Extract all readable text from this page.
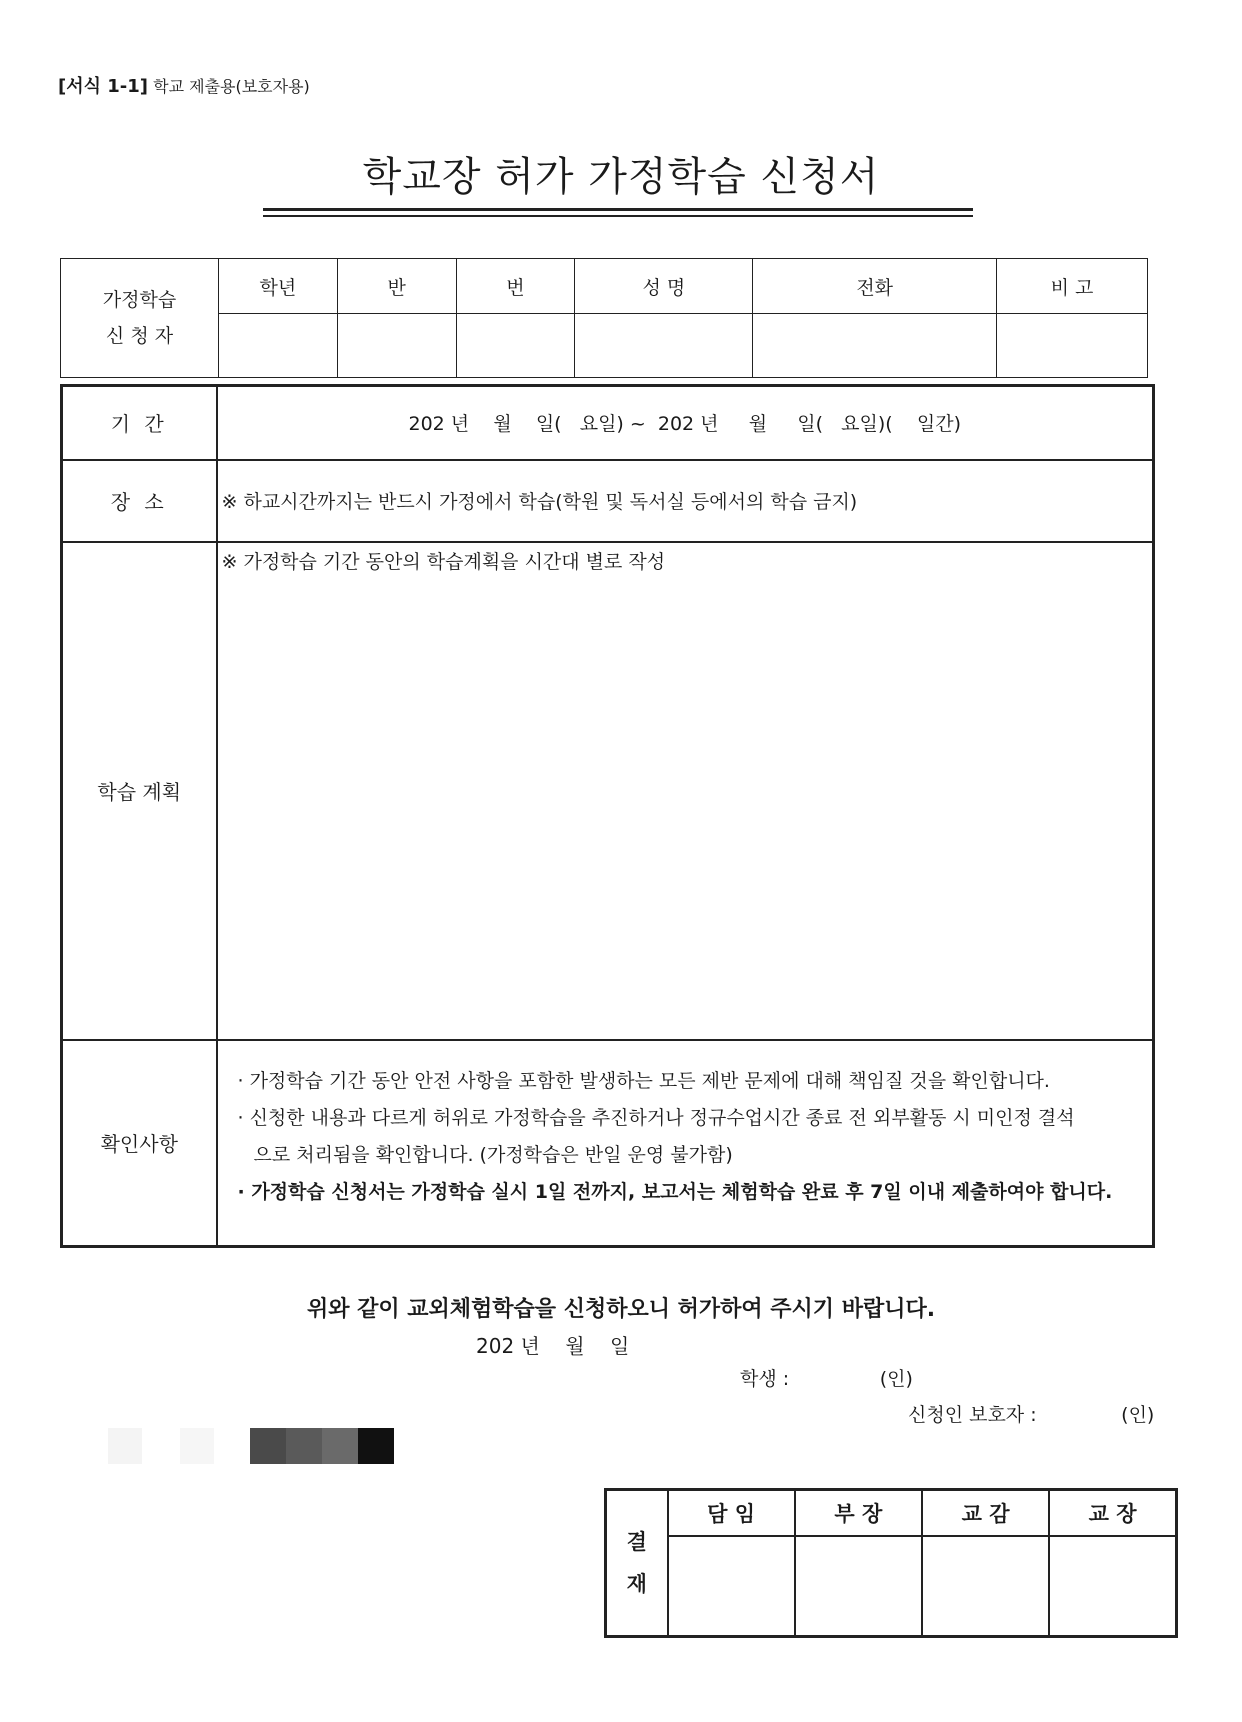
[서식 1-1] 학교 제출용(보호자용)
학교장 허가 가정학습 신청서
가정학습
신 청 자	학년	반	번	성 명	전화	비 고

기 간	202 년    월    일(   요일) ~  202 년     월     일(   요일)(    일간)
장 소	※ 하교시간까지는 반드시 가정에서 학습(학원 및 독서실 등에서의 학습 금지)
학습 계획	※ 가정학습 기간 동안의 학습계획을 시간대 별로 작성

확인사항	· 가정학습 기간 동안 안전 사항을 포함한 발생하는 모든 제반 문제에 대해 책임질 것을 확인합니다.

· 신청한 내용과 다르게 허위로 가정학습을 추진하거나 정규수업시간 종료 전 외부활동 시 미인정 결석

으로 처리됨을 확인합니다. (가정학습은 반일 운영 불가함)

· 가정학습 신청서는 가정학습 실시 1일 전까지, 보고서는 체험학습 완료 후 7일 이내 제출하여야 합니다.

위와 같이 교외체험학습을 신청하오니 허가하여 주시기 바랍니다.
202 년    월    일
학생 :               (인)
신청인 보호자 :              (인)
결
재	담 임	부 장	교 감	교 장
